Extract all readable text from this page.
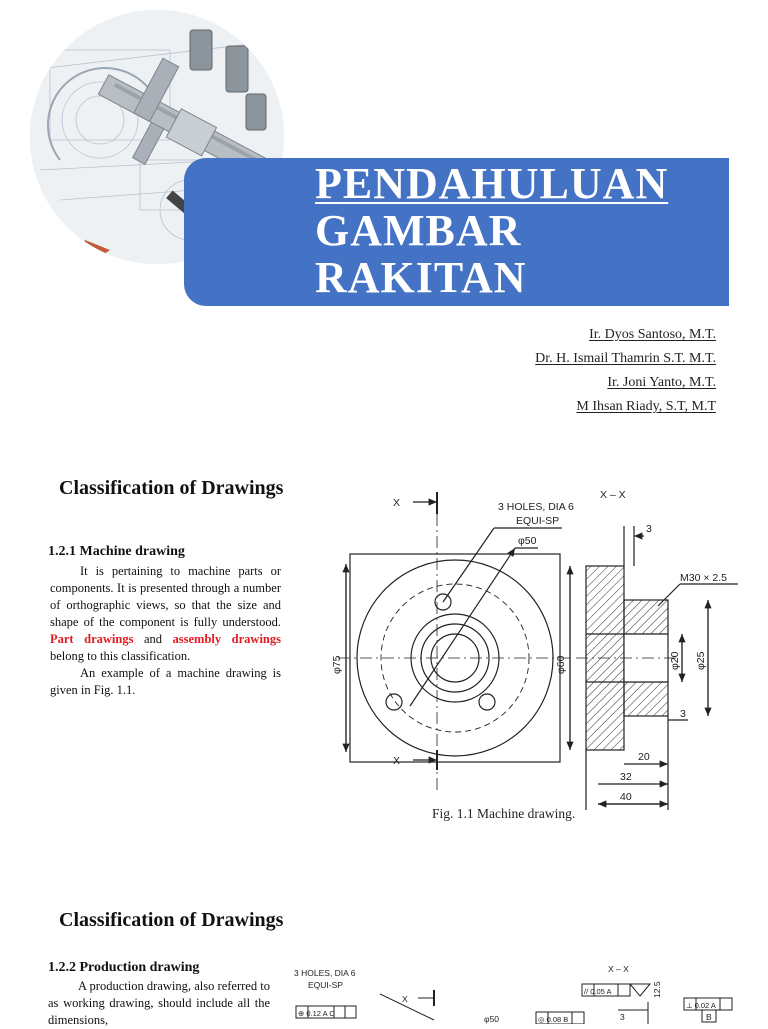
PENDAHULUAN
GAMBAR
RAKITAN
Ir. Dyos Santoso, M.T.
Dr. H. Ismail Thamrin S.T. M.T.
Ir. Joni Yanto, M.T.
M Ihsan Riady, S.T, M.T
Classification of Drawings
1.2.1 Machine drawing

It is pertaining to machine parts or components. It is presented through a number of orthographic views, so that the size and shape of the component is fully understood. Part drawings and assembly drawings belong to this classification.

An example of a machine drawing is given in Fig. 1.1.

X
X
X – X
3 HOLES, DIA 6
EQUI-SP
φ50
φ75	φ60	φ20 φ25
M30 × 2.5
3
3
20
32
40
Fig. 1.1 Machine drawing.
Classification of Drawings
1.2.2 Production drawing

A production drawing, also referred to as working drawing, should include all the dimensions,

3 HOLES, DIA 6
EQUI-SP
X
X – X
⊕ 0.12 A C
// 0.05 A
◎ 0.08 B
⊥ 0.02 A
φ50	3
12.5
B
